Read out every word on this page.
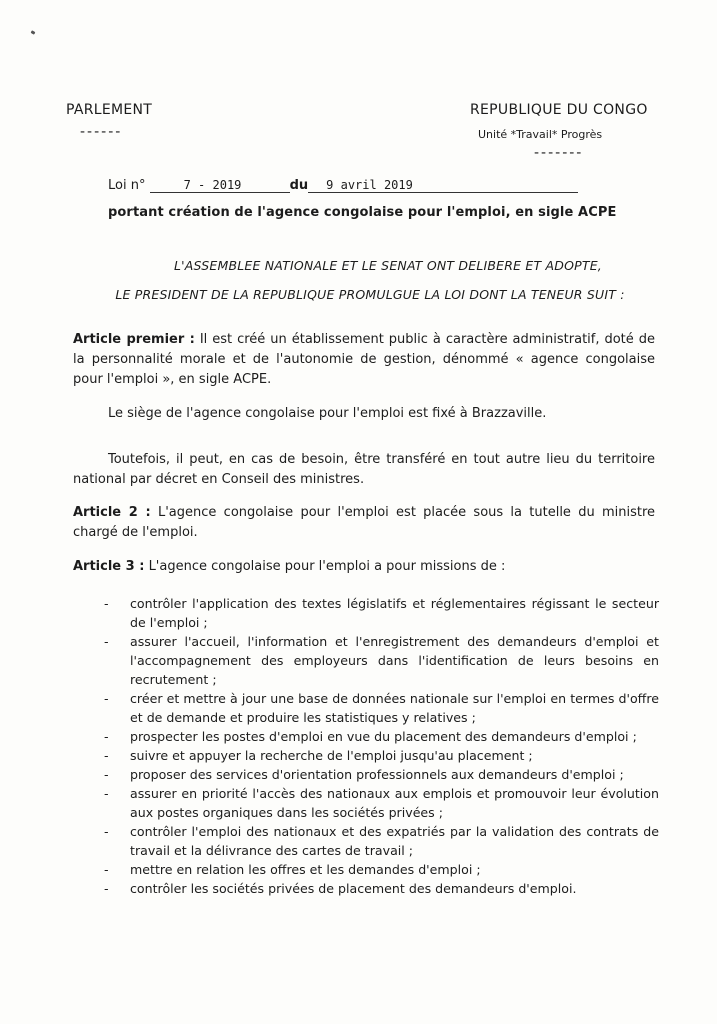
PARLEMENT
------
REPUBLIQUE DU CONGO
Unité *Travail* Progrès
-------
Loi n°	7 - 2019	du 9 avril 2019
portant création de l'agence congolaise pour l'emploi, en sigle ACPE
L'ASSEMBLEE NATIONALE ET LE SENAT ONT DELIBERE ET ADOPTE,
LE PRESIDENT DE LA REPUBLIQUE PROMULGUE LA LOI DONT LA TENEUR SUIT :
Article premier : Il est créé un établissement public à caractère administratif, doté de la personnalité morale et de l'autonomie de gestion, dénommé « agence congolaise pour l'emploi », en sigle ACPE.
Le siège de l'agence congolaise pour l'emploi est fixé à Brazzaville.
Toutefois, il peut, en cas de besoin, être transféré en tout autre lieu du territoire national par décret en Conseil des ministres.
Article 2 : L'agence congolaise pour l'emploi est placée sous la tutelle du ministre chargé de l'emploi.
Article 3 : L'agence congolaise pour l'emploi a pour missions de :
- contrôler l'application des textes législatifs et réglementaires régissant le secteur de l'emploi ;
- assurer l'accueil, l'information et l'enregistrement des demandeurs d'emploi et l'accompagnement des employeurs dans l'identification de leurs besoins en recrutement ;
- créer et mettre à jour une base de données nationale sur l'emploi en termes d'offre et de demande et produire les statistiques y relatives ;
- prospecter les postes d'emploi en vue du placement des demandeurs d'emploi ;
- suivre et appuyer la recherche de l'emploi jusqu'au placement ;
- proposer des services d'orientation professionnels aux demandeurs d'emploi ;
- assurer en priorité l'accès des nationaux aux emplois et promouvoir leur évolution aux postes organiques dans les sociétés privées ;
- contrôler l'emploi des nationaux et des expatriés par la validation des contrats de travail et la délivrance des cartes de travail ;
- mettre en relation les offres et les demandes d'emploi ;
- contrôler les sociétés privées de placement des demandeurs d'emploi.
